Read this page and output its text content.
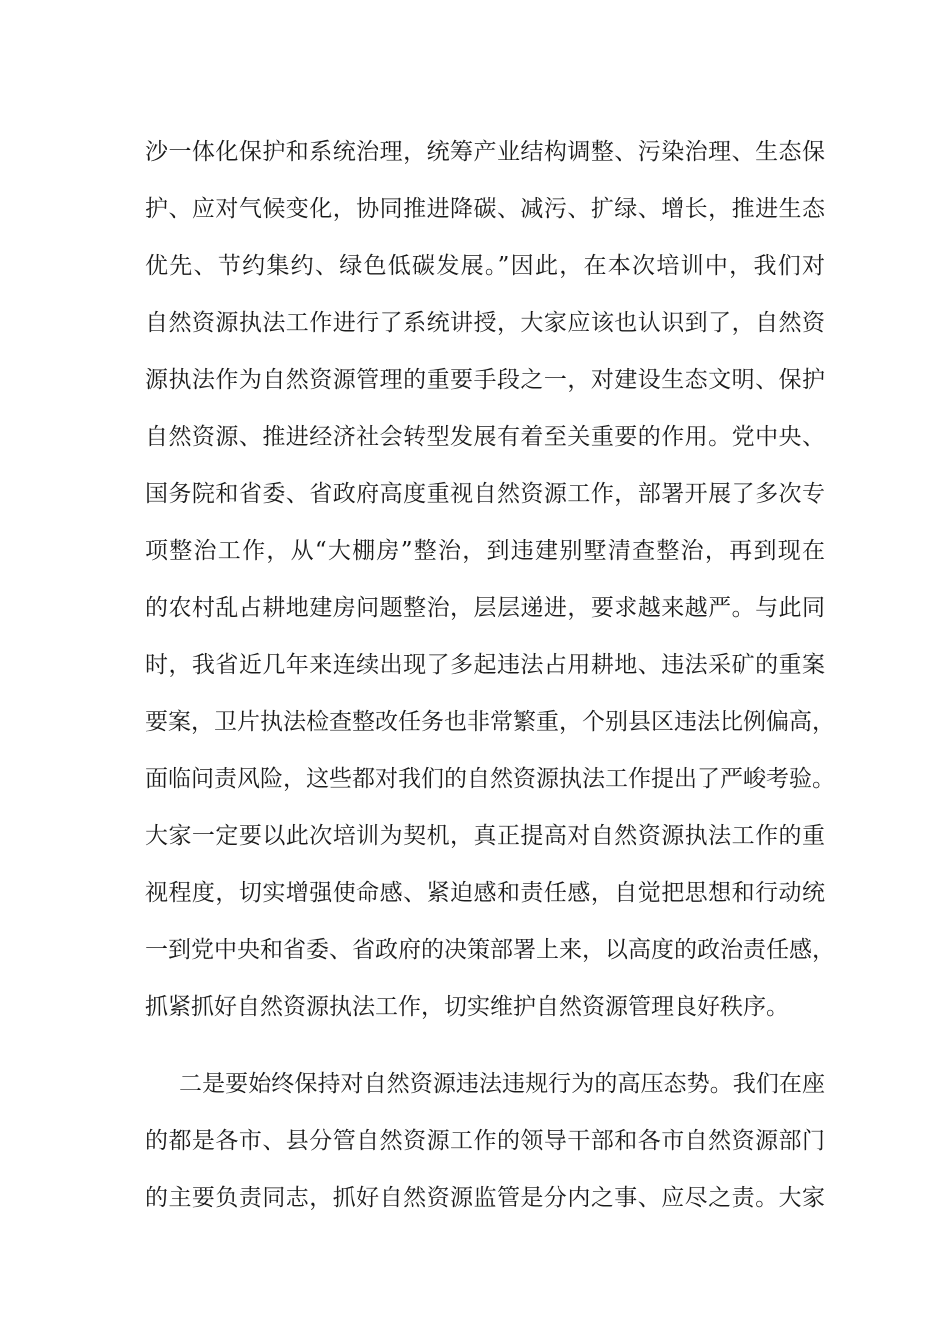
沙一体化保护和系统治理，统筹产业结构调整、污染治理、生态保
护、应对气候变化，协同推进降碳、减污、扩绿、增长，推进生态
优先、节约集约、绿色低碳发展。”因此，在本次培训中，我们对
自然资源执法工作进行了系统讲授，大家应该也认识到了，自然资
源执法作为自然资源管理的重要手段之一，对建设生态文明、保护
自然资源、推进经济社会转型发展有着至关重要的作用。党中央、
国务院和省委、省政府高度重视自然资源工作，部署开展了多次专
项整治工作，从“大棚房”整治，到违建别墅清查整治，再到现在
的农村乱占耕地建房问题整治，层层递进，要求越来越严。与此同
时，我省近几年来连续出现了多起违法占用耕地、违法采矿的重案
要案，卫片执法检查整改任务也非常繁重，个别县区违法比例偏高，
面临问责风险，这些都对我们的自然资源执法工作提出了严峻考验。
大家一定要以此次培训为契机，真正提高对自然资源执法工作的重
视程度，切实增强使命感、紧迫感和责任感，自觉把思想和行动统
一到党中央和省委、省政府的决策部署上来，以高度的政治责任感，
抓紧抓好自然资源执法工作，切实维护自然资源管理良好秩序。
二是要始终保持对自然资源违法违规行为的高压态势。我们在座
的都是各市、县分管自然资源工作的领导干部和各市自然资源部门
的主要负责同志，抓好自然资源监管是分内之事、应尽之责。大家
